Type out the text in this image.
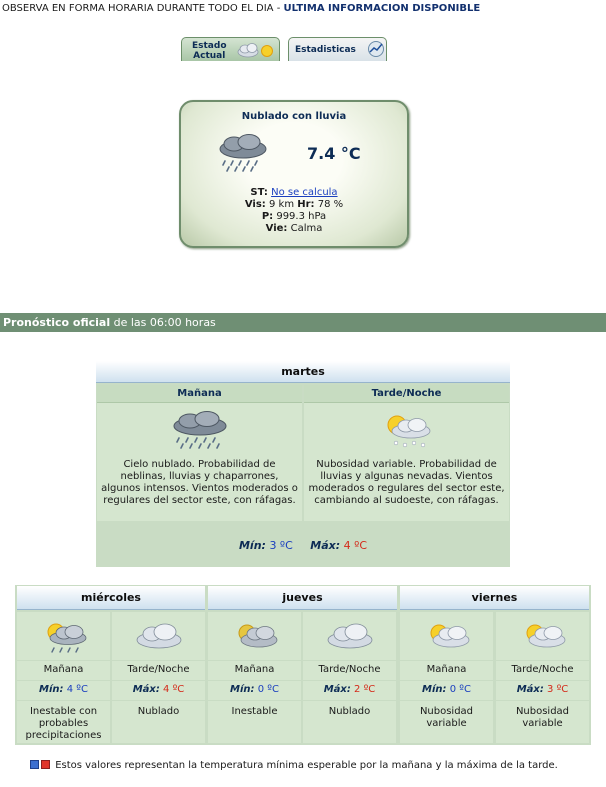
OBSERVA EN FORMA HORARIA DURANTE TODO EL DIA - ULTIMA INFORMACION DISPONIBLE
Estado
Actual
Estadisticas
Nublado con lluvia
7.4 °C
ST: No se calcula
Vis: 9 km Hr: 78 %
P: 999.3 hPa
Vie: Calma
Pronóstico oficial de las 06:00 horas
martes
Mañana
Cielo nublado. Probabilidad de neblinas, lluvias y chaparrones, algunos intensos. Vientos moderados o regulares del sector este, con ráfagas.
Tarde/Noche
Nubosidad variable. Probabilidad de lluvias y algunas nevadas. Vientos moderados o regulares del sector este, cambiando al sudoeste, con ráfagas.
Mín: 3 ºC Máx: 4 ºC
miércoles	jueves	viernes
Mañana
Mín: 4 ºC
Inestable con probables precipitaciones
Tarde/Noche
Máx: 4 ºC
Nublado
Mañana
Mín: 0 ºC
Inestable
Tarde/Noche
Máx: 2 ºC
Nublado
Mañana
Mín: 0 ºC
Nubosidad variable
Tarde/Noche
Máx: 3 ºC
Nubosidad variable
Estos valores representan la temperatura mínima esperable por la mañana y la máxima de la tarde.
